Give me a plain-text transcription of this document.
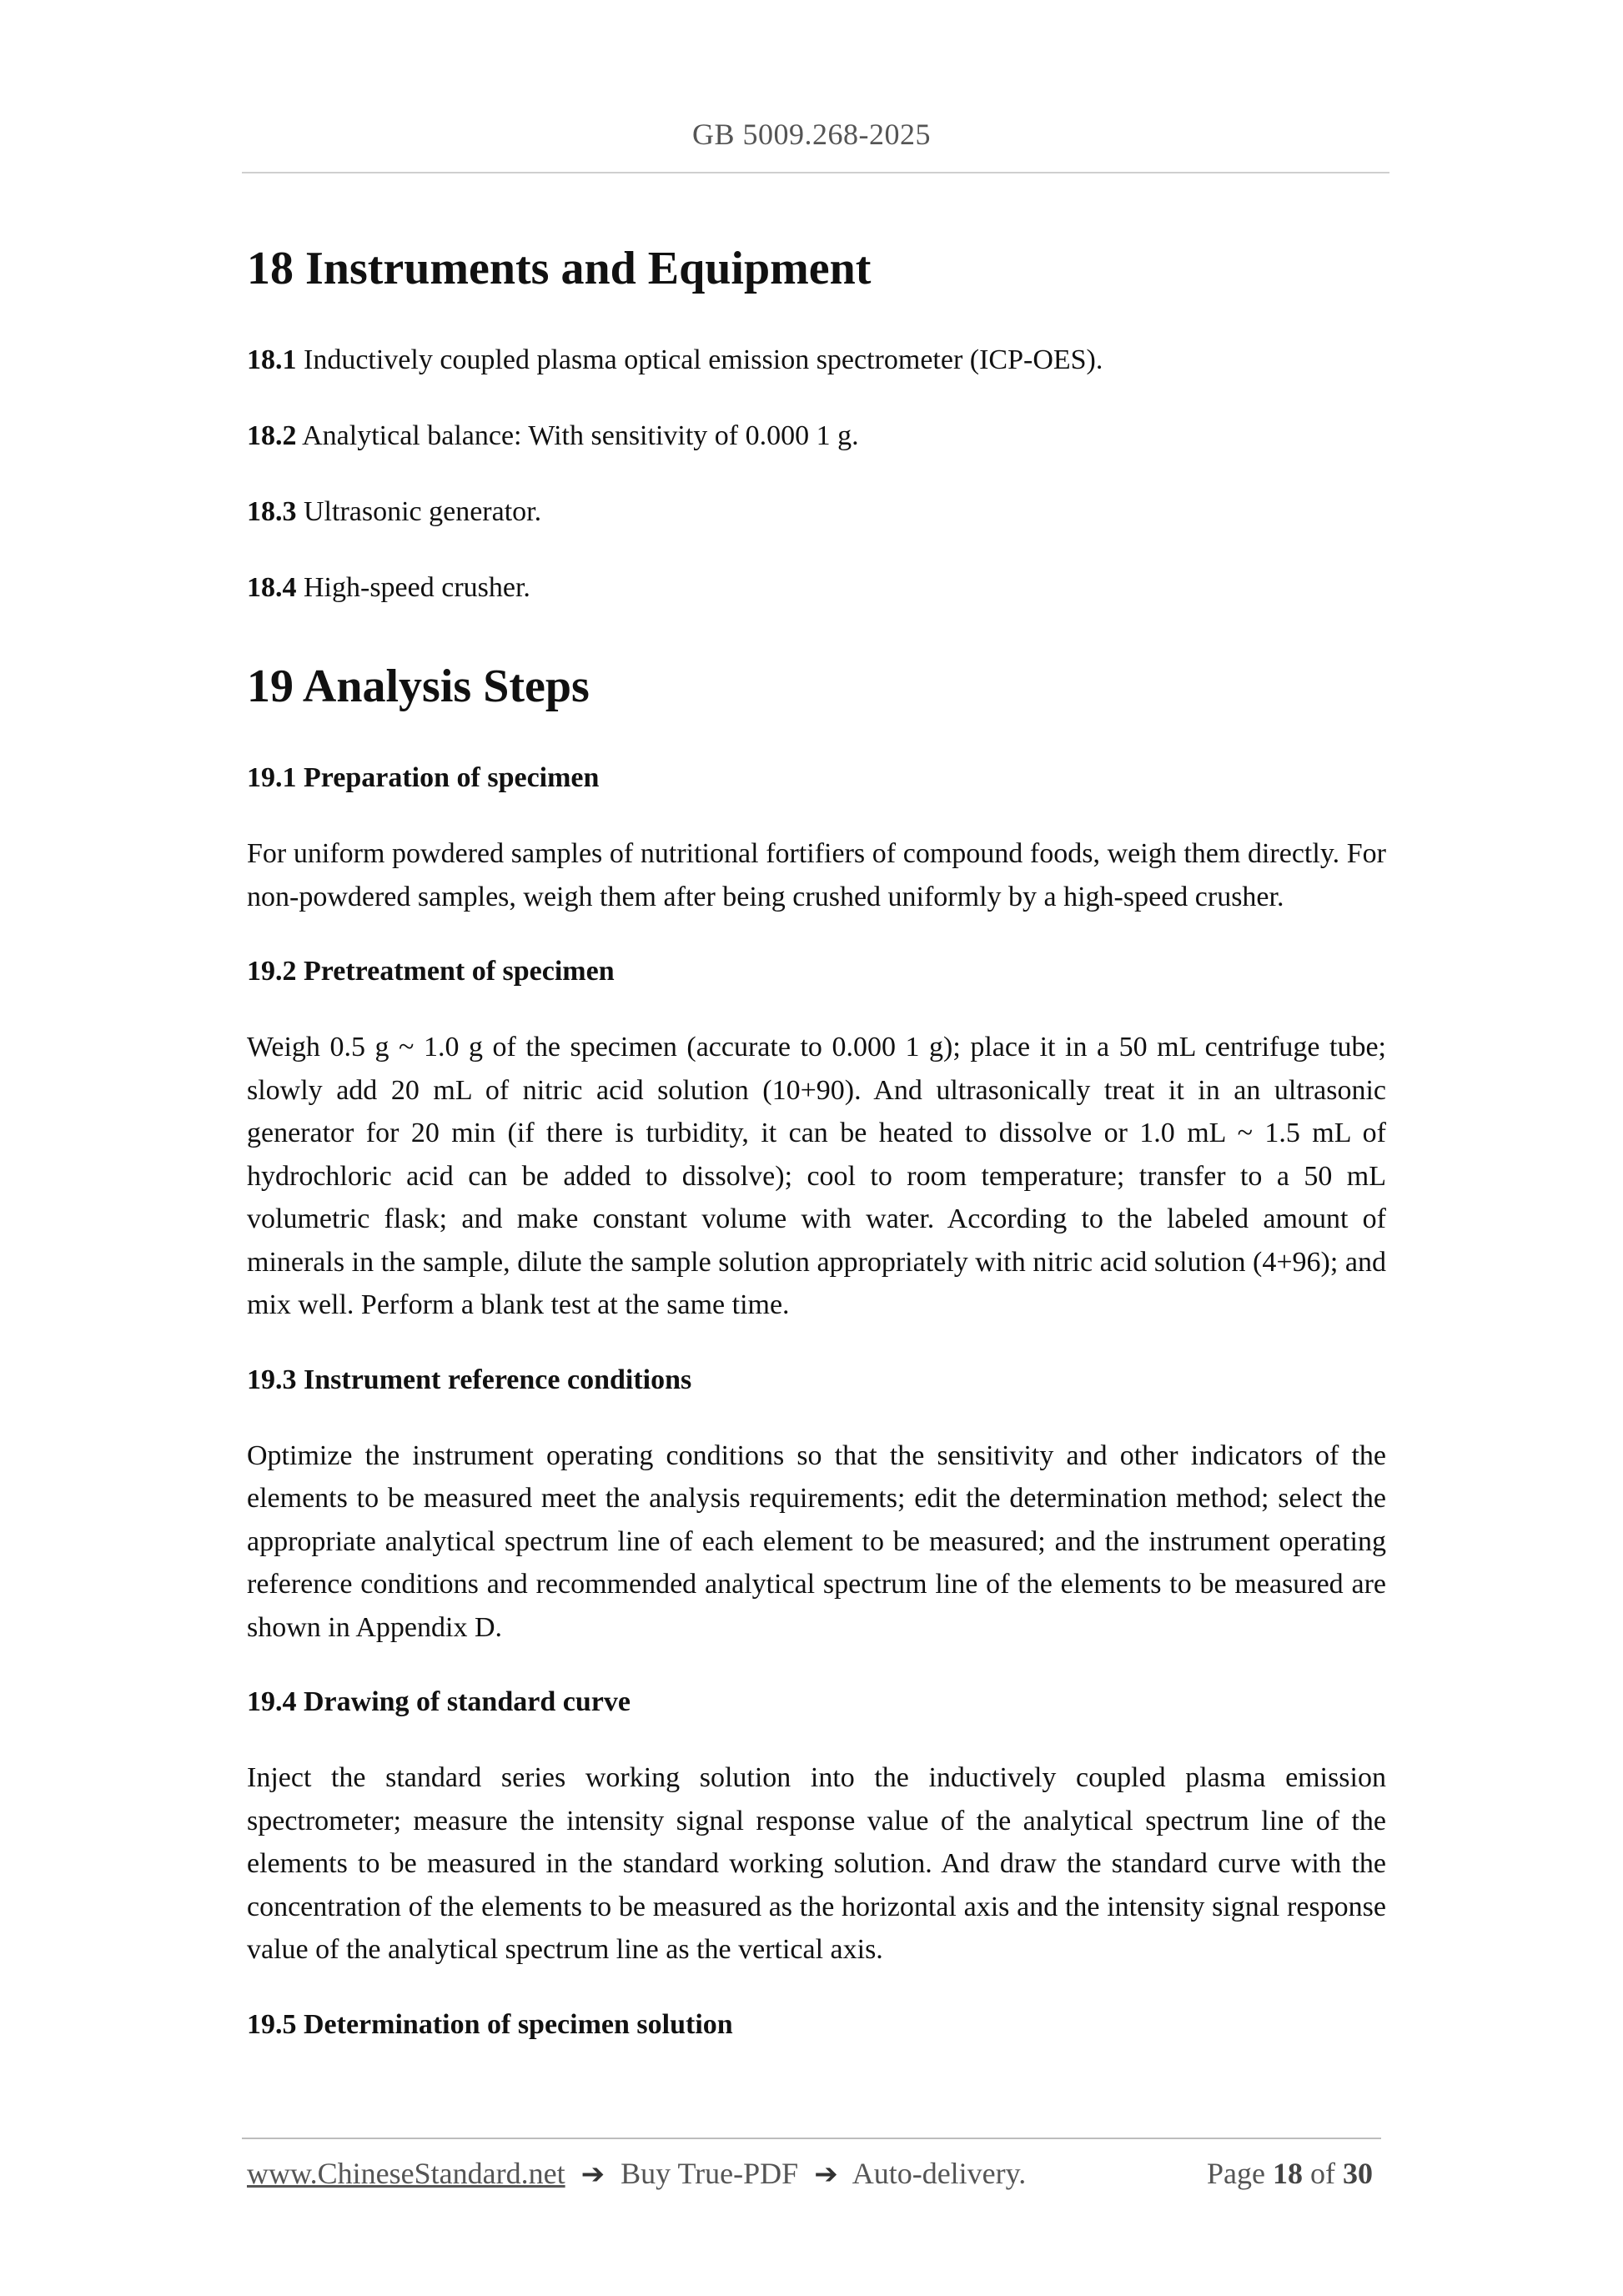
GB 5009.268-2025
18 Instruments and Equipment

18.1 Inductively coupled plasma optical emission spectrometer (ICP-OES).

18.2 Analytical balance: With sensitivity of 0.000 1 g.

18.3 Ultrasonic generator.

18.4 High-speed crusher.

19 Analysis Steps
19.1 Preparation of specimen

For uniform powdered samples of nutritional fortifiers of compound foods, weigh them directly. For non-powdered samples, weigh them after being crushed uniformly by a high-speed crusher.

19.2 Pretreatment of specimen

Weigh 0.5 g ~ 1.0 g of the specimen (accurate to 0.000 1 g); place it in a 50 mL centrifuge tube; slowly add 20 mL of nitric acid solution (10+90). And ultrasonically treat it in an ultrasonic generator for 20 min (if there is turbidity, it can be heated to dissolve or 1.0 mL ~ 1.5 mL of hydrochloric acid can be added to dissolve); cool to room temperature; transfer to a 50 mL volumetric flask; and make constant volume with water. According to the labeled amount of minerals in the sample, dilute the sample solution appropriately with nitric acid solution (4+96); and mix well. Perform a blank test at the same time.

19.3 Instrument reference conditions

Optimize the instrument operating conditions so that the sensitivity and other indicators of the elements to be measured meet the analysis requirements; edit the determination method; select the appropriate analytical spectrum line of each element to be measured; and the instrument operating reference conditions and recommended analytical spectrum line of the elements to be measured are shown in Appendix D.

19.4 Drawing of standard curve

Inject the standard series working solution into the inductively coupled plasma emission spectrometer; measure the intensity signal response value of the analytical spectrum line of the elements to be measured in the standard working solution. And draw the standard curve with the concentration of the elements to be measured as the horizontal axis and the intensity signal response value of the analytical spectrum line as the vertical axis.

19.5 Determination of specimen solution
www.ChineseStandard.net ➔ Buy True-PDF ➔ Auto-delivery.	Page 18 of 30
